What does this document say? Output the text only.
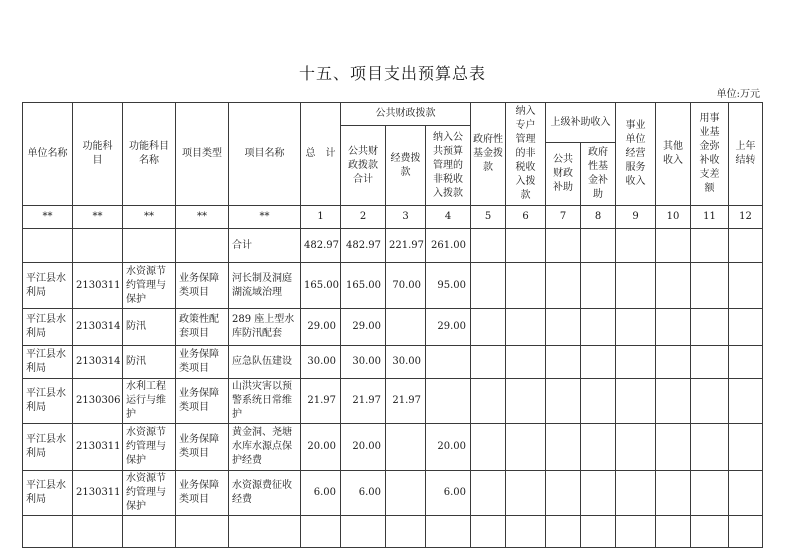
十五、项目支出预算总表
单位:万元
单位名称	功能科目	功能科目名称	项目类型	项目名称	总　计	公共财政拨款			政府性基金拨款	纳入专户管理的非税收入拨款	上级补助收入		事业单位经营服务收入	其他收入	用事业基金弥补收支差额	上年结转

						公共财政拨款合计	经费拨款	纳入公共预算管理的非税收入拨款								

											公共财政补助	政府性基金补助				

**	**	**	**	**	1	2	3	4	5	6	7	8	9	10	11	12
				合计	482.97	482.97	221.97	261.00								
平江县水利局	2130311	水资源节约管理与保护	业务保障类项目	河长制及洞庭湖流域治理	165.00	165.00	70.00	95.00								
平江县水利局	2130314	防汛	政策性配套项目	289 座上型水库防汛配套	29.00	29.00		29.00								
平江县水利局	2130314	防汛	业务保障类项目	应急队伍建设	30.00	30.00	30.00									
平江县水利局	2130306	水利工程运行与维护	业务保障类项目	山洪灾害以预警系统日常维护	21.97	21.97	21.97									
平江县水利局	2130311	水资源节约管理与保护	业务保障类项目	黄金洞、尧塘水库水源点保护经费	20.00	20.00		20.00								
平江县水利局	2130311	水资源节约管理与保护	业务保障类项目	水资源费征收经费	6.00	6.00		6.00								
